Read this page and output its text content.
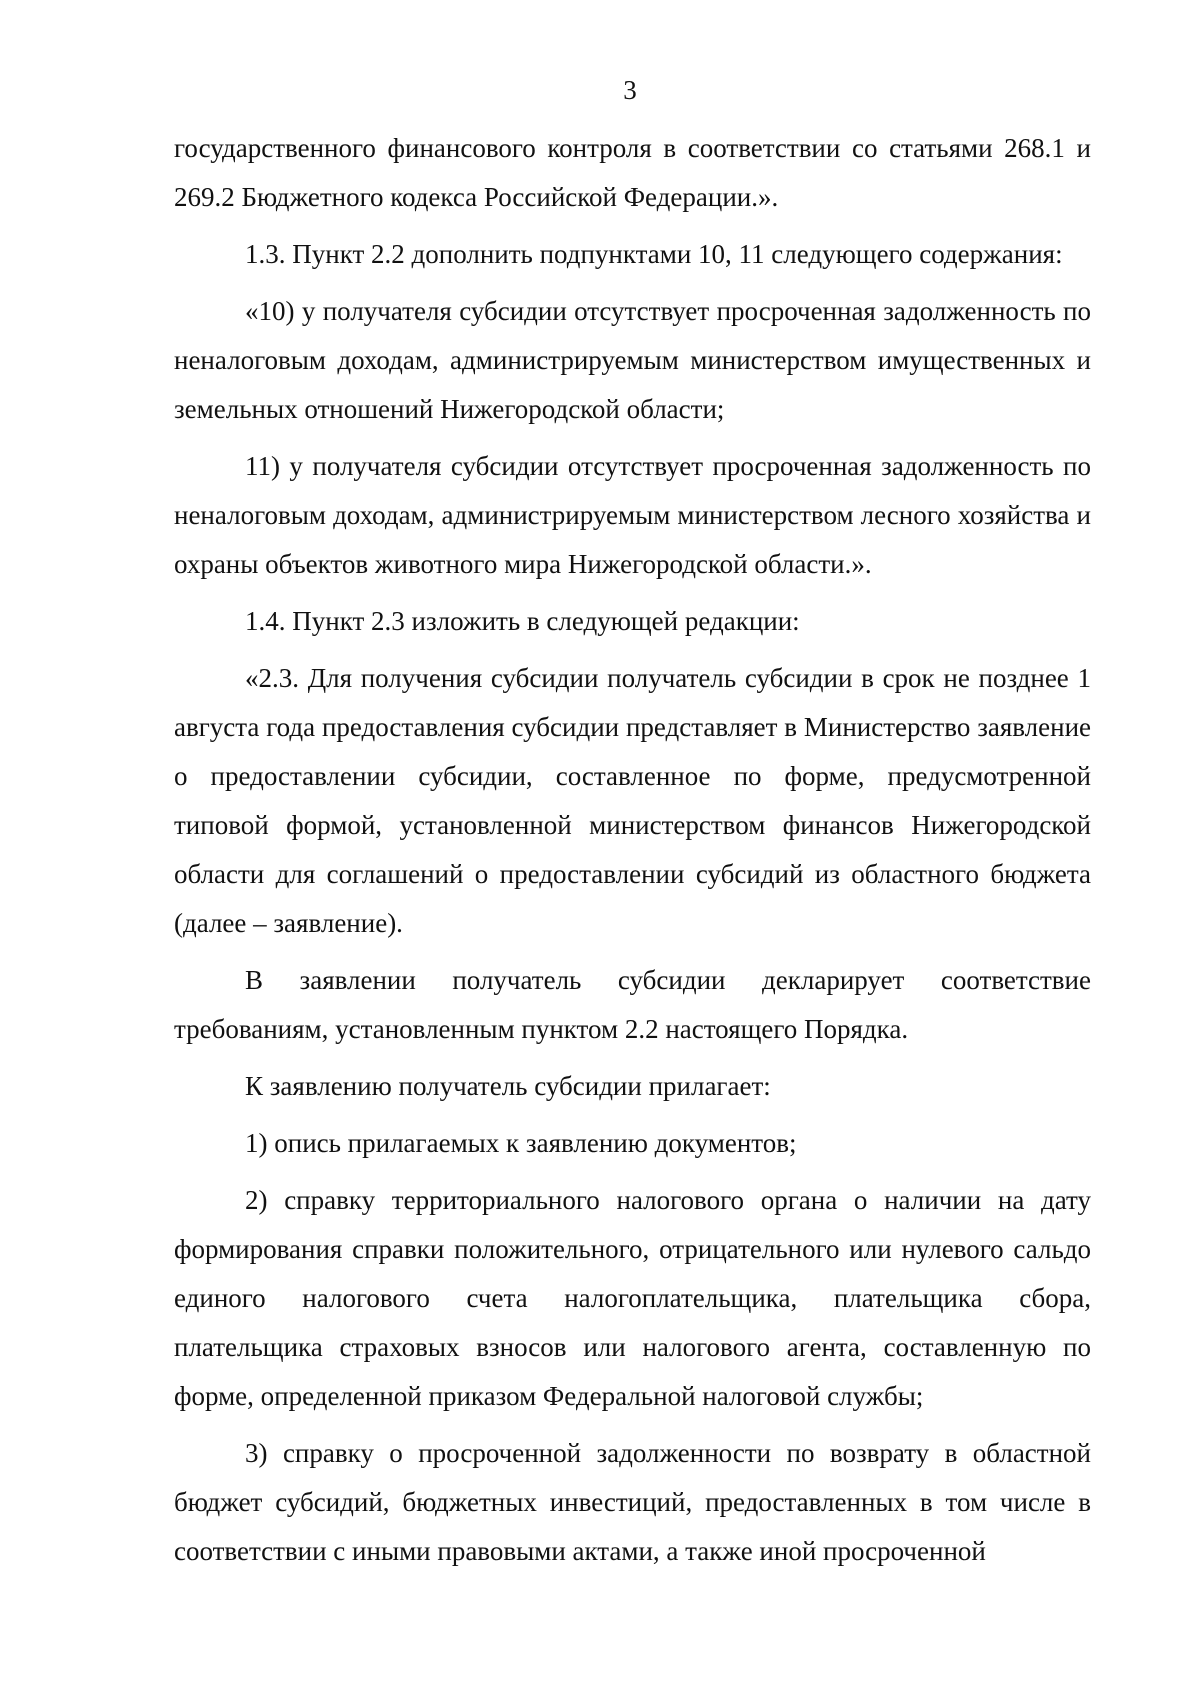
3

государственного финансового контроля в соответствии со статьями 268.1 и 269.2 Бюджетного кодекса Российской Федерации.».

1.3. Пункт 2.2 дополнить подпунктами 10, 11 следующего содержания:

«10) у получателя субсидии отсутствует просроченная задолженность по неналоговым доходам, администрируемым министерством имущественных и земельных отношений Нижегородской области;

11) у получателя субсидии отсутствует просроченная задолженность по неналоговым доходам, администрируемым министерством лесного хозяйства и охраны объектов животного мира Нижегородской области.».

1.4. Пункт 2.3 изложить в следующей редакции:

«2.3. Для получения субсидии получатель субсидии в срок не позднее 1 августа года предоставления субсидии представляет в Министерство заявление о предоставлении субсидии, составленное по форме, предусмотренной типовой формой, установленной министерством финансов Нижегородской области для соглашений о предоставлении субсидий из областного бюджета (далее – заявление).

В заявлении получатель субсидии декларирует соответствие требованиям, установленным пунктом 2.2 настоящего Порядка.

К заявлению получатель субсидии прилагает:

1) опись прилагаемых к заявлению документов;

2) справку территориального налогового органа о наличии на дату формирования справки положительного, отрицательного или нулевого сальдо единого налогового счета налогоплательщика, плательщика сбора, плательщика страховых взносов или налогового агента, составленную по форме, определенной приказом Федеральной налоговой службы;

3) справку о просроченной задолженности по возврату в областной бюджет субсидий, бюджетных инвестиций, предоставленных в том числе в соответствии с иными правовыми актами, а также иной просроченной
